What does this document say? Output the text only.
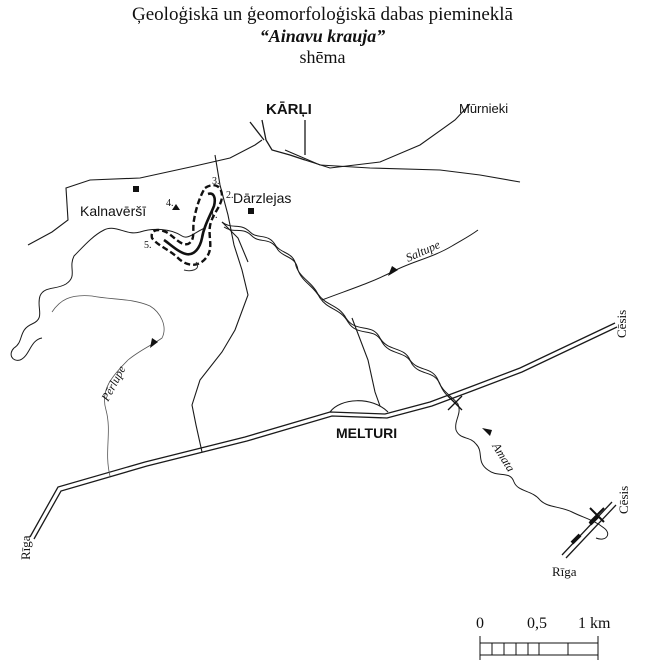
Ģeoloģiskā un ģeomorfoloģiskā dabas piemineklā
“Ainavu krauja”
shēma
KĀRĻI	Mūrnieki
Kalnavēršī
Dārzlejas
MELTURI
Cēsis
Cēsis
Rīga
Rīga
Saltupe
Pērlupe
Amata
3.
4.
2.
1.
5.
0	0,5 1 km
